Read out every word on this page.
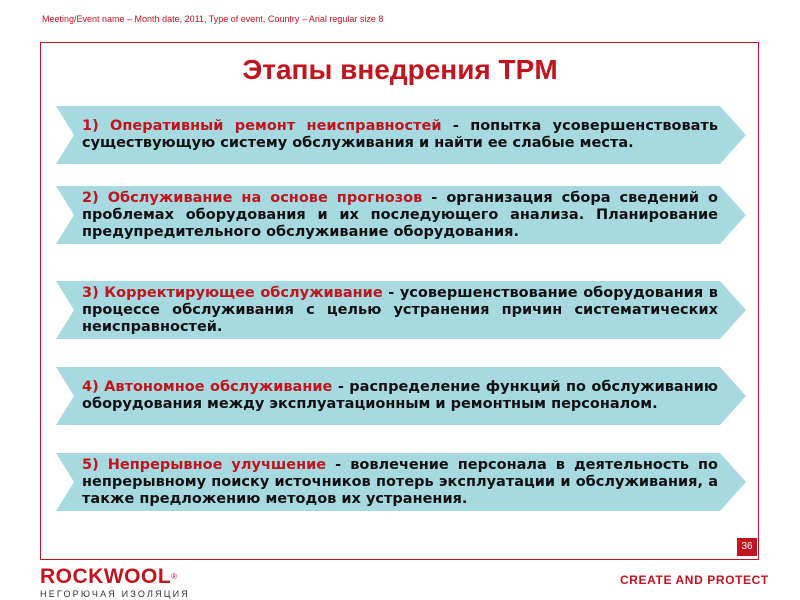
Meeting/Event name – Month date, 2011, Type of event, Country – Arial regular size 8
Этапы внедрения TPM

1) Оперативный ремонт неисправностей - попытка усовершенствовать существующую систему обслуживания и найти ее слабые места.

2) Обслуживание на основе прогнозов - организация сбора сведений о проблемах оборудования и их последующего анализа. Планирование предупредительного обслуживание оборудования.

3) Корректирующее обслуживание - усовершенствование оборудования в процессе обслуживания с целью устранения причин систематических неисправностей.

4) Автономное обслуживание - распределение функций по обслуживанию оборудования между эксплуатационным и ремонтным персоналом.

5) Непрерывное улучшение - вовлечение персонала в деятельность по непрерывному поиску источников потерь эксплуатации и обслуживания, а также предложению методов их устранения.

36
ROCKWOOL®
НЕГОРЮЧАЯ ИЗОЛЯЦИЯ
CREATE AND PROTECT
